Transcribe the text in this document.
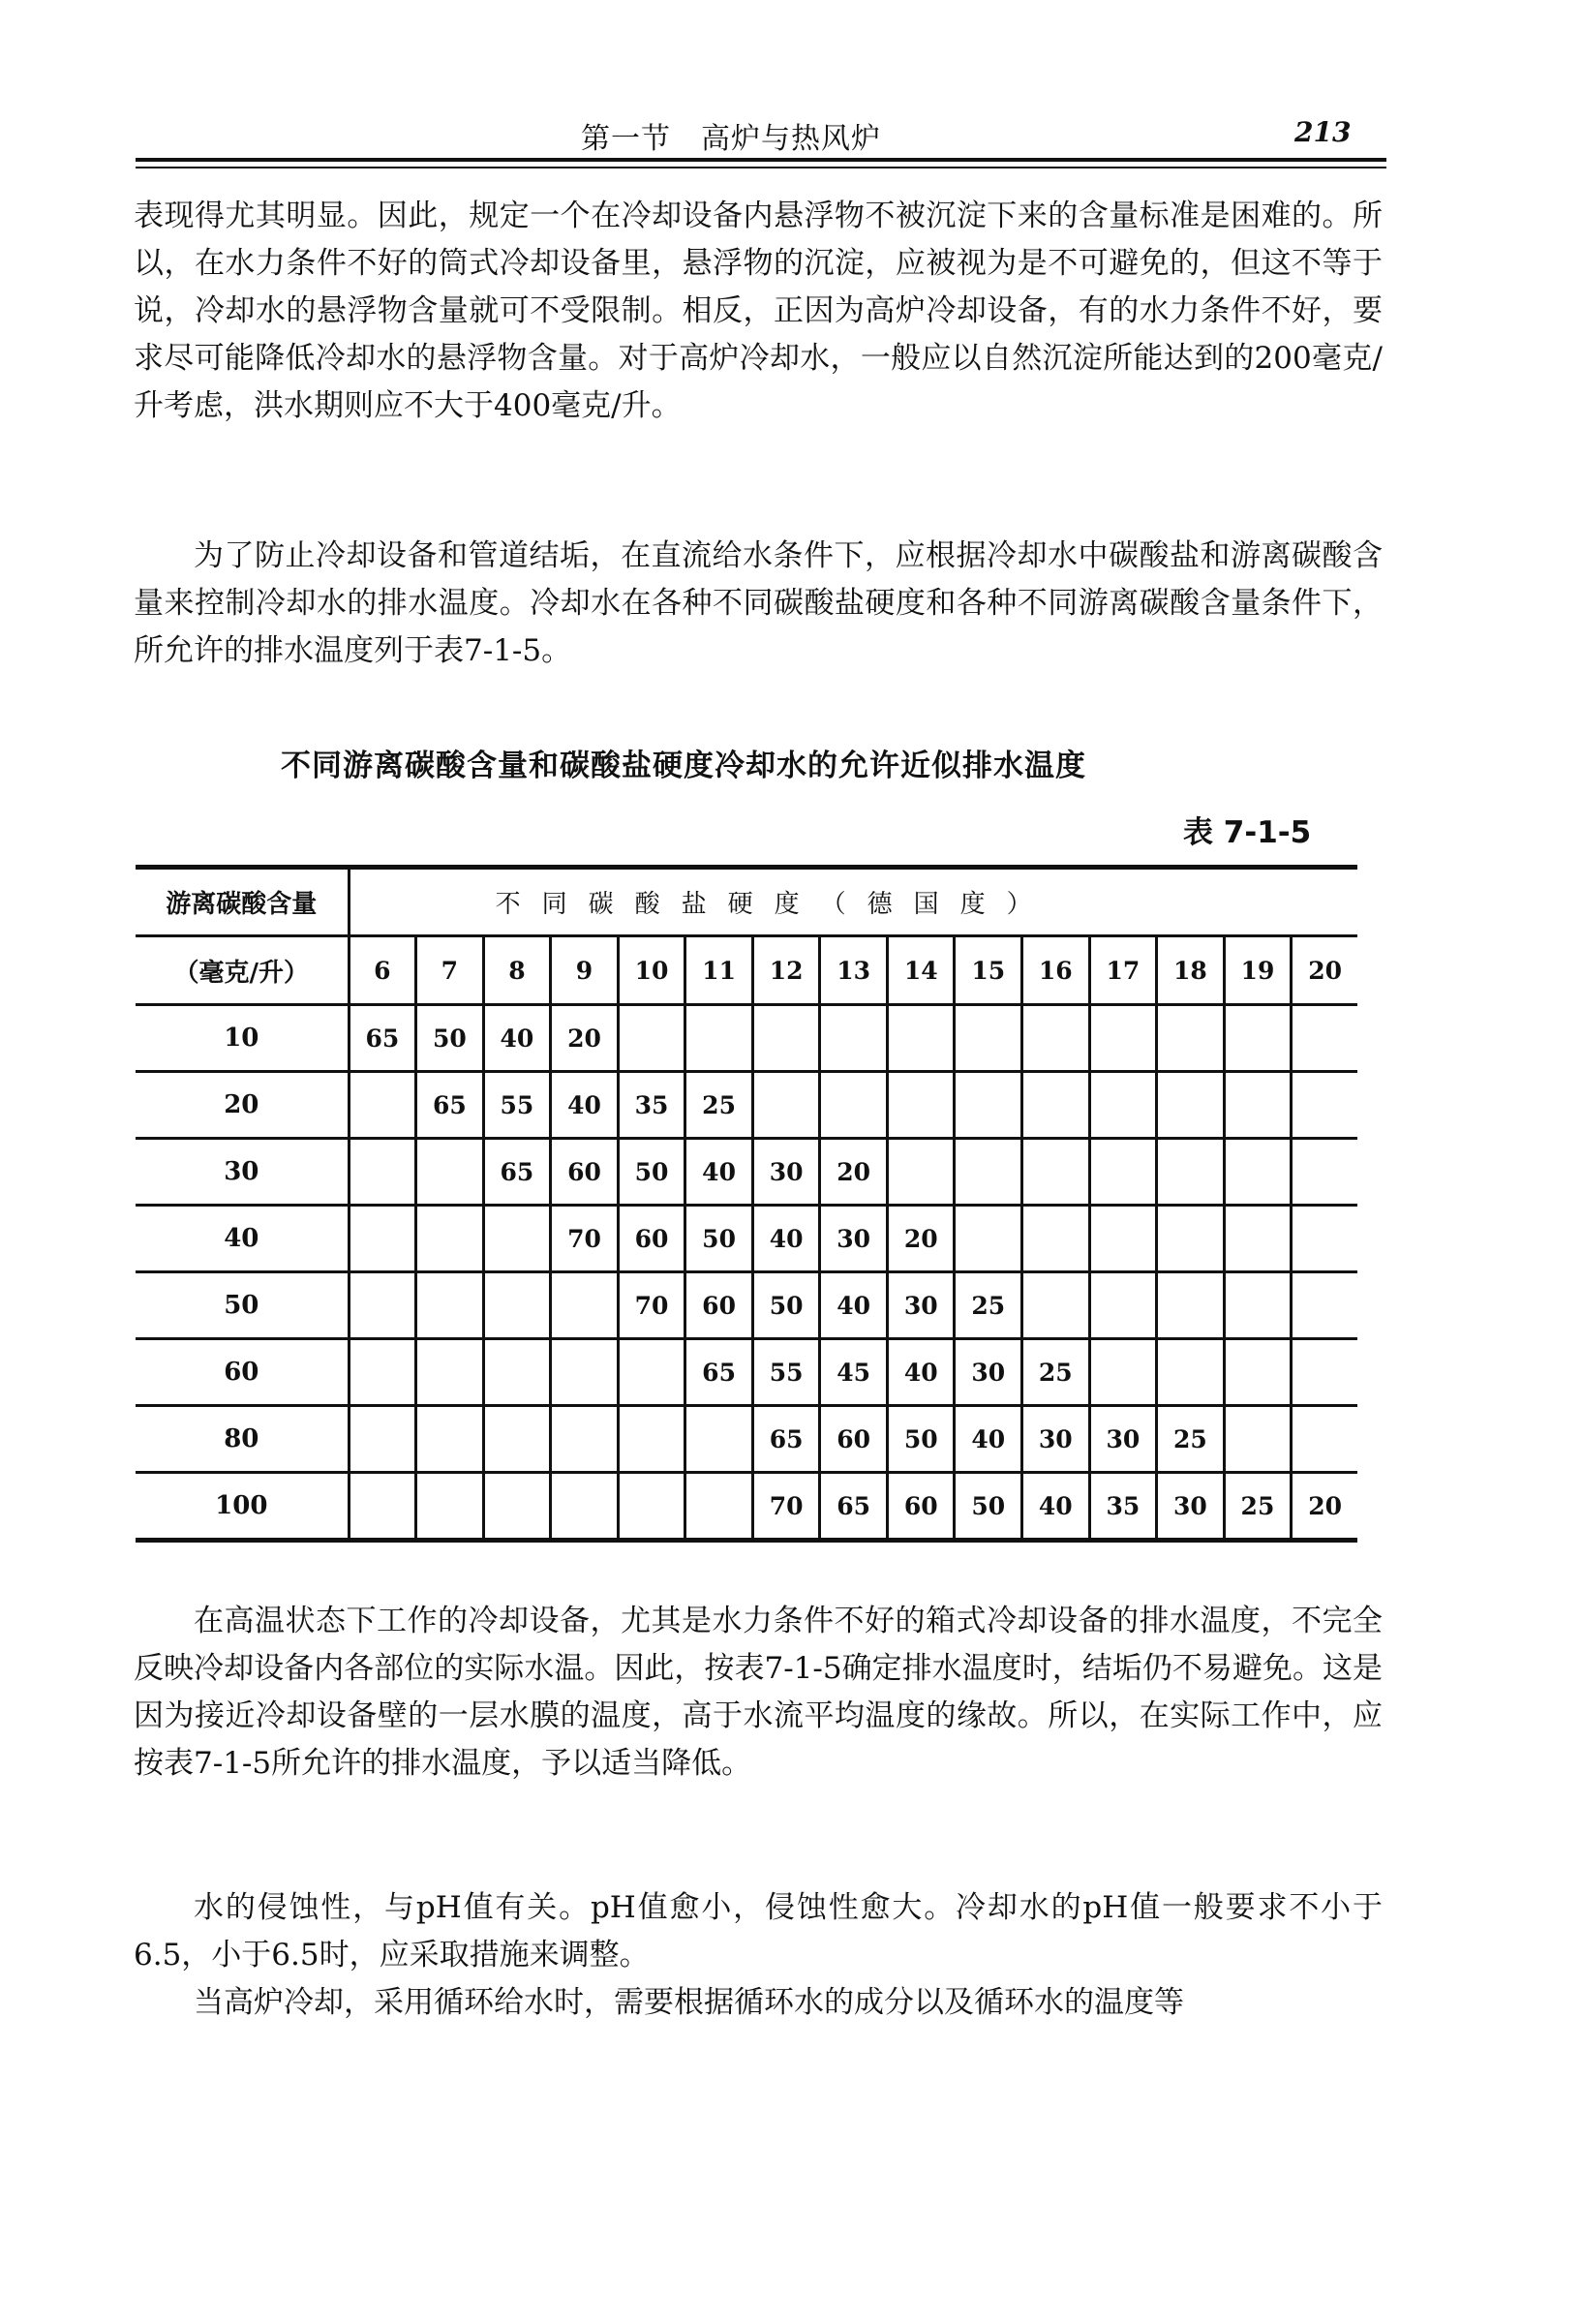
第一节　高炉与热风炉	213
表现得尤其明显。因此，规定一个在冷却设备内悬浮物不被沉淀下来的含量标准是困难的。所以，在水力条件不好的筒式冷却设备里，悬浮物的沉淀，应被视为是不可避免的，但这不等于说，冷却水的悬浮物含量就可不受限制。相反，正因为高炉冷却设备，有的水力条件不好，要求尽可能降低冷却水的悬浮物含量。对于高炉冷却水，一般应以自然沉淀所能达到的200毫克/升考虑，洪水期则应不大于400毫克/升。
为了防止冷却设备和管道结垢，在直流给水条件下，应根据冷却水中碳酸盐和游离碳酸含量来控制冷却水的排水温度。冷却水在各种不同碳酸盐硬度和各种不同游离碳酸含量条件下，所允许的排水温度列于表7-1-5。
不同游离碳酸含量和碳酸盐硬度冷却水的允许近似排水温度
表 7-1-5
游离碳酸含量	不同碳酸盐硬度（德国度）														
（毫克/升）	6	7	8	9	10	11	12	13	14	15	16	17	18	19	20
10	65	50	40	20											
20		65	55	40	35	25									
30			65	60	50	40	30	20							
40				70	60	50	40	30	20						
50					70	60	50	40	30	25					
60						65	55	45	40	30	25				
80							65	60	50	40	30	30	25		
100							70	65	60	50	40	35	30	25	20
在高温状态下工作的冷却设备，尤其是水力条件不好的箱式冷却设备的排水温度，不完全反映冷却设备内各部位的实际水温。因此，按表7-1-5确定排水温度时，结垢仍不易避免。这是因为接近冷却设备壁的一层水膜的温度，高于水流平均温度的缘故。所以，在实际工作中，应按表7-1-5所允许的排水温度，予以适当降低。
水的侵蚀性，与pH值有关。pH值愈小，侵蚀性愈大。冷却水的pH值一般要求不小于6.5，小于6.5时，应采取措施来调整。
当高炉冷却，采用循环给水时，需要根据循环水的成分以及循环水的温度等
